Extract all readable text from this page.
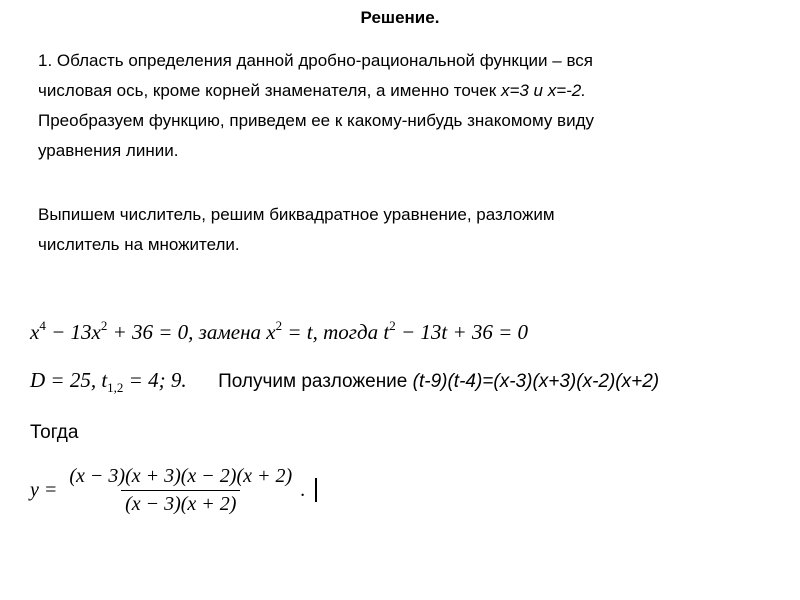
Решение.
1. Область определения данной дробно-рациональной функции – вся
числовая ось, кроме корней знаменателя, а именно точек x=3 и x=-2.
Преобразуем функцию, приведем ее к какому-нибудь знакомому виду
уравнения линии.
Выпишем числитель, решим биквадратное уравнение, разложим
числитель на множители.
$x^4 - 13x^2 + 36 = 0$, замена $x^2 = t$, тогда $t^2 - 13t + 36 = 0$
D = 25, $t_{1,2} = 4$; 9. Получим разложение (t-9)(t-4)=(x-3)(x+3)(x-2)(x+2)
Тогда
$y = \frac{(x - 3)(x + 3)(x - 2)(x + 2)}{(x - 3)(x + 2)}$ .
